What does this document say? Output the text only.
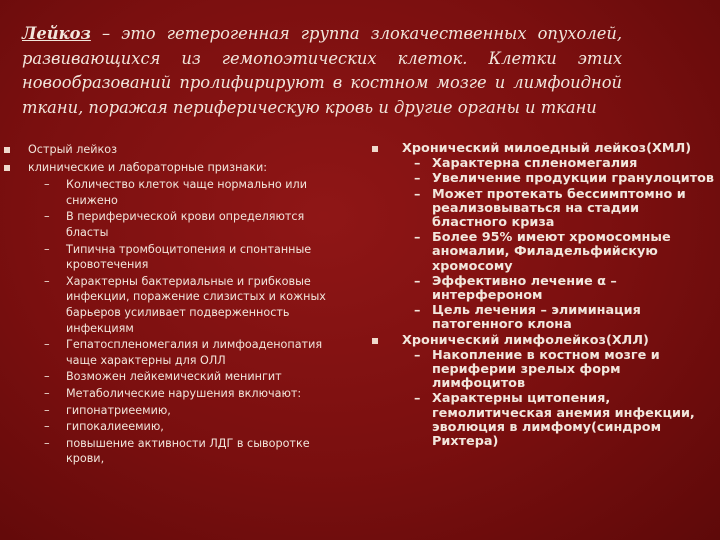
Лейкоз – это гетерогенная группа злокачественных опухолей, развивающихся из гемопоэтических клеток. Клетки этих новообразований пролифирируют в костном мозге и лимфоидной ткани, поражая периферическую кровь и другие органы и ткани
Острый лейкоз
клинические и лабораторные признаки:
– Количество клеток чаще нормально или снижено
– В периферической крови определяются бласты
– Типична тромбоцитопения и спонтанные кровотечения
– Характерны бактериальные и грибковые инфекции, поражение слизистых и кожных барьеров усиливает подверженность инфекциям
– Гепатоспленомегалия и лимфоаденопатия чаще характерны для ОЛЛ
– Возможен лейкемический менингит
– Метаболические нарушения включают:
– гипонатриеемию,
– гипокалиеемию,
– повышение активности ЛДГ в сыворотке крови,
Хронический милоедный лейкоз(ХМЛ)
– Характерна спленомегалия
– Увеличение продукции гранулоцитов
– Может протекать бессимптомно и реализовываться на стадии бластного криза
– Более 95% имеют хромосомные аномалии, Филадельфийскую хромосому
– Эффективно лечение α – интерфероном
– Цель лечения – элиминация патогенного клона
Хронический лимфолейкоз(ХЛЛ)
– Накопление в костном мозге и периферии зрелых форм лимфоцитов
– Характерны цитопения, гемолитическая анемия инфекции, эволюция в лимфому(синдром Рихтера)
